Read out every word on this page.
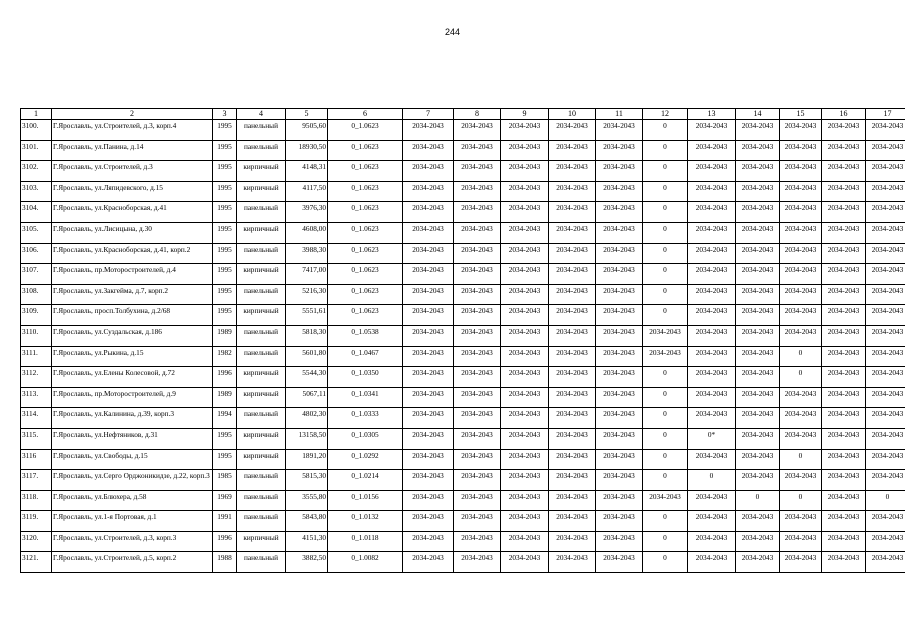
244
1	2	3	4	5	6	7	8	9	10	11	12	13	14	15	16	17
3100.	Г.Ярославль, ул.Строителей, д.3, корп.4	1995	панельный	9505,60	0_1.0623	2034-2043	2034-2043	2034-2043	2034-2043	2034-2043	0	2034-2043	2034-2043	2034-2043	2034-2043	2034-2043
3101.	Г.Ярославль, ул.Панина, д.14	1995	панельный	18930,50	0_1.0623	2034-2043	2034-2043	2034-2043	2034-2043	2034-2043	0	2034-2043	2034-2043	2034-2043	2034-2043	2034-2043
3102.	Г.Ярославль, ул.Строителей, д.3	1995	кирпичный	4148,31	0_1.0623	2034-2043	2034-2043	2034-2043	2034-2043	2034-2043	0	2034-2043	2034-2043	2034-2043	2034-2043	2034-2043
3103.	Г.Ярославль, ул.Ляпидевского, д.15	1995	кирпичный	4117,50	0_1.0623	2034-2043	2034-2043	2034-2043	2034-2043	2034-2043	0	2034-2043	2034-2043	2034-2043	2034-2043	2034-2043
3104.	Г.Ярославль, ул.Красноборская, д.41	1995	панельный	3976,30	0_1.0623	2034-2043	2034-2043	2034-2043	2034-2043	2034-2043	0	2034-2043	2034-2043	2034-2043	2034-2043	2034-2043
3105.	Г.Ярославль, ул.Лисицына, д.30	1995	кирпичный	4608,00	0_1.0623	2034-2043	2034-2043	2034-2043	2034-2043	2034-2043	0	2034-2043	2034-2043	2034-2043	2034-2043	2034-2043
3106.	Г.Ярославль, ул.Красноборская, д.41, корп.2	1995	панельный	3988,30	0_1.0623	2034-2043	2034-2043	2034-2043	2034-2043	2034-2043	0	2034-2043	2034-2043	2034-2043	2034-2043	2034-2043
3107.	Г.Ярославль, пр.Моторостроителей, д.4	1995	кирпичный	7417,00	0_1.0623	2034-2043	2034-2043	2034-2043	2034-2043	2034-2043	0	2034-2043	2034-2043	2034-2043	2034-2043	2034-2043
3108.	Г.Ярославль, ул.Закгейма, д.7, корп.2	1995	панельный	5216,30	0_1.0623	2034-2043	2034-2043	2034-2043	2034-2043	2034-2043	0	2034-2043	2034-2043	2034-2043	2034-2043	2034-2043
3109.	Г.Ярославль, просп.Толбухина, д.2/68	1995	кирпичный	5551,61	0_1.0623	2034-2043	2034-2043	2034-2043	2034-2043	2034-2043	0	2034-2043	2034-2043	2034-2043	2034-2043	2034-2043
3110.	Г.Ярославль, ул.Суздальская, д.186	1989	панельный	5818,30	0_1.0538	2034-2043	2034-2043	2034-2043	2034-2043	2034-2043	2034-2043	2034-2043	2034-2043	2034-2043	2034-2043	2034-2043
3111.	Г.Ярославль, ул.Рыкина, д.15	1982	панельный	5601,80	0_1.0467	2034-2043	2034-2043	2034-2043	2034-2043	2034-2043	2034-2043	2034-2043	2034-2043	0	2034-2043	2034-2043
3112.	Г.Ярославль, ул.Елены Колесовой, д.72	1996	кирпичный	5544,30	0_1.0350	2034-2043	2034-2043	2034-2043	2034-2043	2034-2043	0	2034-2043	2034-2043	0	2034-2043	2034-2043
3113.	Г.Ярославль, пр.Моторостроителей, д.9	1989	кирпичный	5067,11	0_1.0341	2034-2043	2034-2043	2034-2043	2034-2043	2034-2043	0	2034-2043	2034-2043	2034-2043	2034-2043	2034-2043
3114.	Г.Ярославль, ул.Калинина, д.39, корп.3	1994	панельный	4802,30	0_1.0333	2034-2043	2034-2043	2034-2043	2034-2043	2034-2043	0	2034-2043	2034-2043	2034-2043	2034-2043	2034-2043
3115.	Г.Ярославль, ул.Нефтяников, д.31	1995	кирпичный	13158,50	0_1.0305	2034-2043	2034-2043	2034-2043	2034-2043	2034-2043	0	0*	2034-2043	2034-2043	2034-2043	2034-2043
3116	Г.Ярославль, ул.Свободы, д.15	1995	кирпичный	1891,20	0_1.0292	2034-2043	2034-2043	2034-2043	2034-2043	2034-2043	0	2034-2043	2034-2043	0	2034-2043	2034-2043
3117.	Г.Ярославль, ул.Серго Орджоникидзе, д.22, корп.3	1985	панельный	5815,30	0_1.0214	2034-2043	2034-2043	2034-2043	2034-2043	2034-2043	0	0	2034-2043	2034-2043	2034-2043	2034-2043
3118.	Г.Ярославль, ул.Блюхера, д.58	1969	панельный	3555,80	0_1.0156	2034-2043	2034-2043	2034-2043	2034-2043	2034-2043	2034-2043	2034-2043	0	0	2034-2043	0
3119.	Г.Ярославль, ул.1-я Портовая, д.1	1991	панельный	5843,80	0_1.0132	2034-2043	2034-2043	2034-2043	2034-2043	2034-2043	0	2034-2043	2034-2043	2034-2043	2034-2043	2034-2043
3120.	Г.Ярославль, ул.Строителей, д.3, корп.3	1996	кирпичный	4151,30	0_1.0118	2034-2043	2034-2043	2034-2043	2034-2043	2034-2043	0	2034-2043	2034-2043	2034-2043	2034-2043	2034-2043
3121.	Г.Ярославль, ул.Строителей, д.5, корп.2	1988	панельный	3882,50	0_1.0082	2034-2043	2034-2043	2034-2043	2034-2043	2034-2043	0	2034-2043	2034-2043	2034-2043	2034-2043	2034-2043
